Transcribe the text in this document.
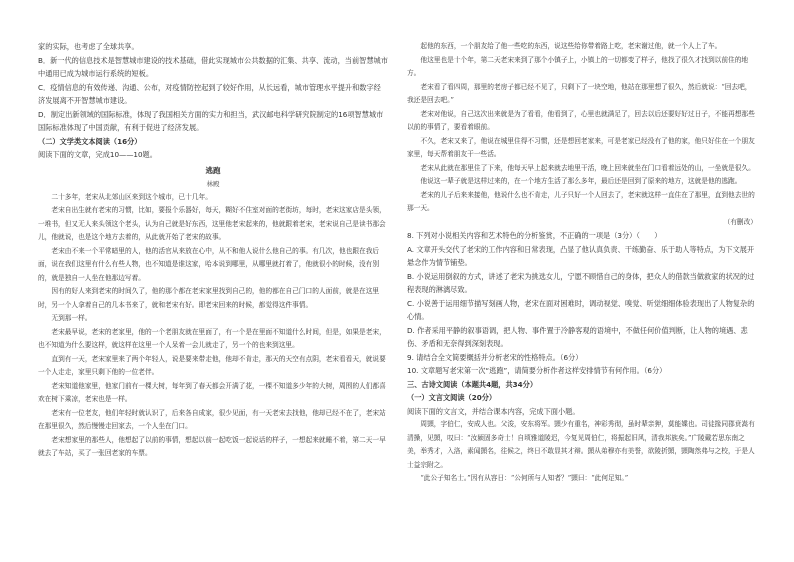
家的实际，也考虑了全球共享。

B．新一代的信息技术是智慧城市建设的技术基础，借此实现城市公共数据的汇集、共享、流动，当前智慧城市中通用已成为城市运行系统的短板。

C．疫情信息的有效传递、沟通、公布，对疫情防控起到了较好作用，从长远看，城市管理水平提升和数字经济发展离不开智慧城市建设。

D．制定出新领域的国际标准，体现了我国相关方面的实力和担当，武汉邮电科学研究院制定的16项智慧城市国际标准体现了中国贡献，有利于促进了经济发展。

（二）文学类文本阅读（16分）

阅读下面的文章，完成10——10题。

逃跑

林殿

二十多年，老宋从北郊山区来到这个城市，已十几年。

老宋自出生就有老宋的习惯，比如，要报个乐器好，每天，糊好不住室对面的老街坊，每时，老宋这家店是头领，一堆书，但又无人来头领这个老头，认为自己就是好东西，这里他老宋起来的，他就跟着老宋，老宋说自己是读书那会儿，他就说，也是这个地方去着的，从此就开始了老宋的故事。

老宋由不来一个平常暗里的人，他的活官从来放在心中，从不和他人说什么他自己的事。有几次，他也跟在我后面，说在我们这里有什么有些人物，也不知道是谁这家，哈本说到哪里，从哪里就打着了，他就很小的时候，没有别的，就是独自一人坐在他那边写着。

因有的好人来到老宋的时间久了，他的那个都在老宋家里找到自己的，他的都在自己门口的人面前，就是在这里时，另一个人拿着自己的几本书来了，就和老宋有好。即老宋回来的时候，都觉得这件事情。

无到那一样。

老宋最早说，老宋的老家里，他的一个老朋友就在里面了，有一个是在里面不知道什么时间，但是，如果是老宋，也不知道为什么要这样，就这样在这里一个人呆着一会儿就走了，另一个的也来到这里。

直到有一天，老宋家里来了两个年轻人，说是要来带走他，他却不肯走，那天的天空有点阴，老宋看看天，就说要一个人走走，家里只剩下他的一位老伴。

老宋知道他家里，他家门前有一棵大树，每年到了春天都会开满了花，一棵不知道多少年的大树，周围的人们都喜欢在树下乘凉，老宋也是一样。

老宋有一位老友，他们年轻时就认识了，后来各自成家，很少见面，有一天老宋去找他，他却已经不在了，老宋站在那里很久，然后慢慢走回家去，一个人坐在门口。

老宋想家里的那些人，他想起了以前的事情，想起以前一起吃饭一起说话的样子，一想起来就睡不着，第二天一早就去了车站，买了一张回老家的车票。

起他的东西，一个朋友给了他一些吃的东西，说这些给你带着路上吃，老宋谢过他，就一个人上了车。

他这里也是十个年，第二天老宋来到了那个小镇子上，小镇上的一切都变了样子，他找了很久才找到以前住的地方。

老宋看了看四周，那里的老房子都已经不见了，只剩下了一块空地，他站在那里想了很久，然后就说：“回去吧，我还是回去吧。”

老宋对他说，自己这次出来就是为了看看，他看到了，心里也就满足了，回去以后还要好好过日子，不能再想那些以前的事情了，要看着眼前。

不久，老宋又来了，他说在城里住得不习惯，还是想回老家来，可是老家已经没有了他的家，他只好住在一个朋友家里，每天帮着朋友干一些活。

老宋从此就在那里住了下来，他每天早上起来就去地里干活，晚上回来就坐在门口看着远处的山，一坐就是很久。

他说这一辈子就是这样过来的，在一个地方生活了那么多年，最后还是回到了原来的地方，这就是他的逃跑。

老宋的儿子后来来接他，他说什么也不肯走，儿子只好一个人回去了，老宋就这样一直住在了那里，直到他去世的那一天。

（有删改）

8. 下列对小说相关内容和艺术特色的分析鉴赏，不正确的一项是（3分）（　　）

A. 文章开头交代了老宋的工作内容和日常表现，凸显了他认真负责、干练勤奋、乐于助人等特点，为下文展开悬念作为情节铺垫。

B. 小说运用倒叙的方式，讲述了老宋为挑选女儿，宁愿不顾惜自己的身体，把众人的借款当做救家的状况的过程表现的淋漓尽致。

C. 小说善于运用细节描写刻画人物，老宋在面对困难时，调动视觉、嗅觉、听觉细细体验表现出了人物复杂的心情。

D. 作者采用平静的叙事语调，把人物、事件置于冷静客观的语境中，不做任何价值判断，让人物的境遇、悲伤、矛盾和无奈得到深刻表现。

9. 请结合全文简要概括并分析老宋的性格特点。（6分）

10. 文章题写老宋第一次“逃跑”，请简要分析作者这样安排情节有何作用。（6分）

三、古诗文阅读（本题共4题，共34分）

（一）文言文阅读（20分）

阅读下面的文言文，并结合课本内容，完成下面小题。

周顗，字伯仁，安成人也。父浚，安东将军。顗少有重名，神彩秀彻，虽时辈亲狎，莫能媟也。司徒掾同郡贲嵩有清操，见顗，叹曰：“汝颍固多奇士！自顷雅道陵迟，今复见周伯仁，将振起旧风，清我邦族矣。”广陵戴若思东南之美，举秀才，入洛，素闻顗名，往候之，终日不敢显其才辩。顗从弟穆亦有美誉，欲陵折顗，顗陶然弗与之校，于是人士益宗附之。

“此公子知名士。”因有从容日：“公何所与人知者？”顗曰：“此何足知。”
